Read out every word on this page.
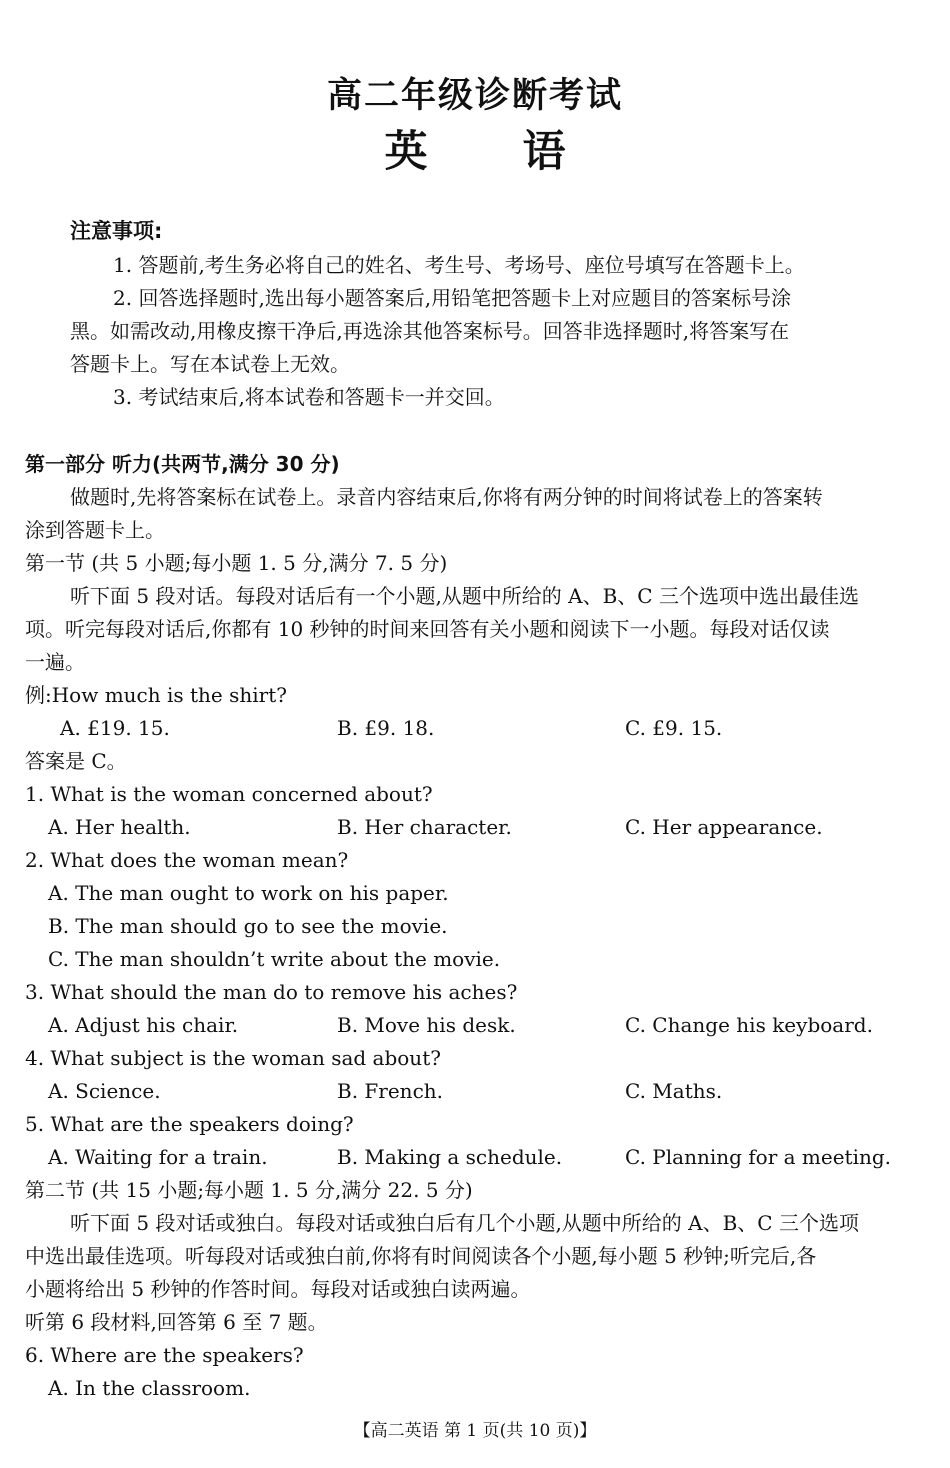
高二年级诊断考试
英 语
注意事项:
1. 答题前,考生务必将自己的姓名、考生号、考场号、座位号填写在答题卡上。
2. 回答选择题时,选出每小题答案后,用铅笔把答题卡上对应题目的答案标号涂
黑。如需改动,用橡皮擦干净后,再选涂其他答案标号。回答非选择题时,将答案写在
答题卡上。写在本试卷上无效。
3. 考试结束后,将本试卷和答题卡一并交回。
第一部分 听力(共两节,满分 30 分)
做题时,先将答案标在试卷上。录音内容结束后,你将有两分钟的时间将试卷上的答案转
涂到答题卡上。
第一节 (共 5 小题;每小题 1. 5 分,满分 7. 5 分)
听下面 5 段对话。每段对话后有一个小题,从题中所给的 A、B、C 三个选项中选出最佳选
项。听完每段对话后,你都有 10 秒钟的时间来回答有关小题和阅读下一小题。每段对话仅读
一遍。
例:How much is the shirt?
A. £19. 15.	B. £9. 18.	C. £9. 15.
答案是 C。
1. What is the woman concerned about?
A. Her health.	B. Her character.	C. Her appearance.
2. What does the woman mean?
A. The man ought to work on his paper.
B. The man should go to see the movie.
C. The man shouldn’t write about the movie.
3. What should the man do to remove his aches?
A. Adjust his chair.	B. Move his desk.	C. Change his keyboard.
4. What subject is the woman sad about?
A. Science.	B. French.	C. Maths.
5. What are the speakers doing?
A. Waiting for a train.	B. Making a schedule.	C. Planning for a meeting.
第二节 (共 15 小题;每小题 1. 5 分,满分 22. 5 分)
听下面 5 段对话或独白。每段对话或独白后有几个小题,从题中所给的 A、B、C 三个选项
中选出最佳选项。听每段对话或独白前,你将有时间阅读各个小题,每小题 5 秒钟;听完后,各
小题将给出 5 秒钟的作答时间。每段对话或独白读两遍。
听第 6 段材料,回答第 6 至 7 题。
6. Where are the speakers?
A. In the classroom.
【高二英语 第 1 页(共 10 页)】
